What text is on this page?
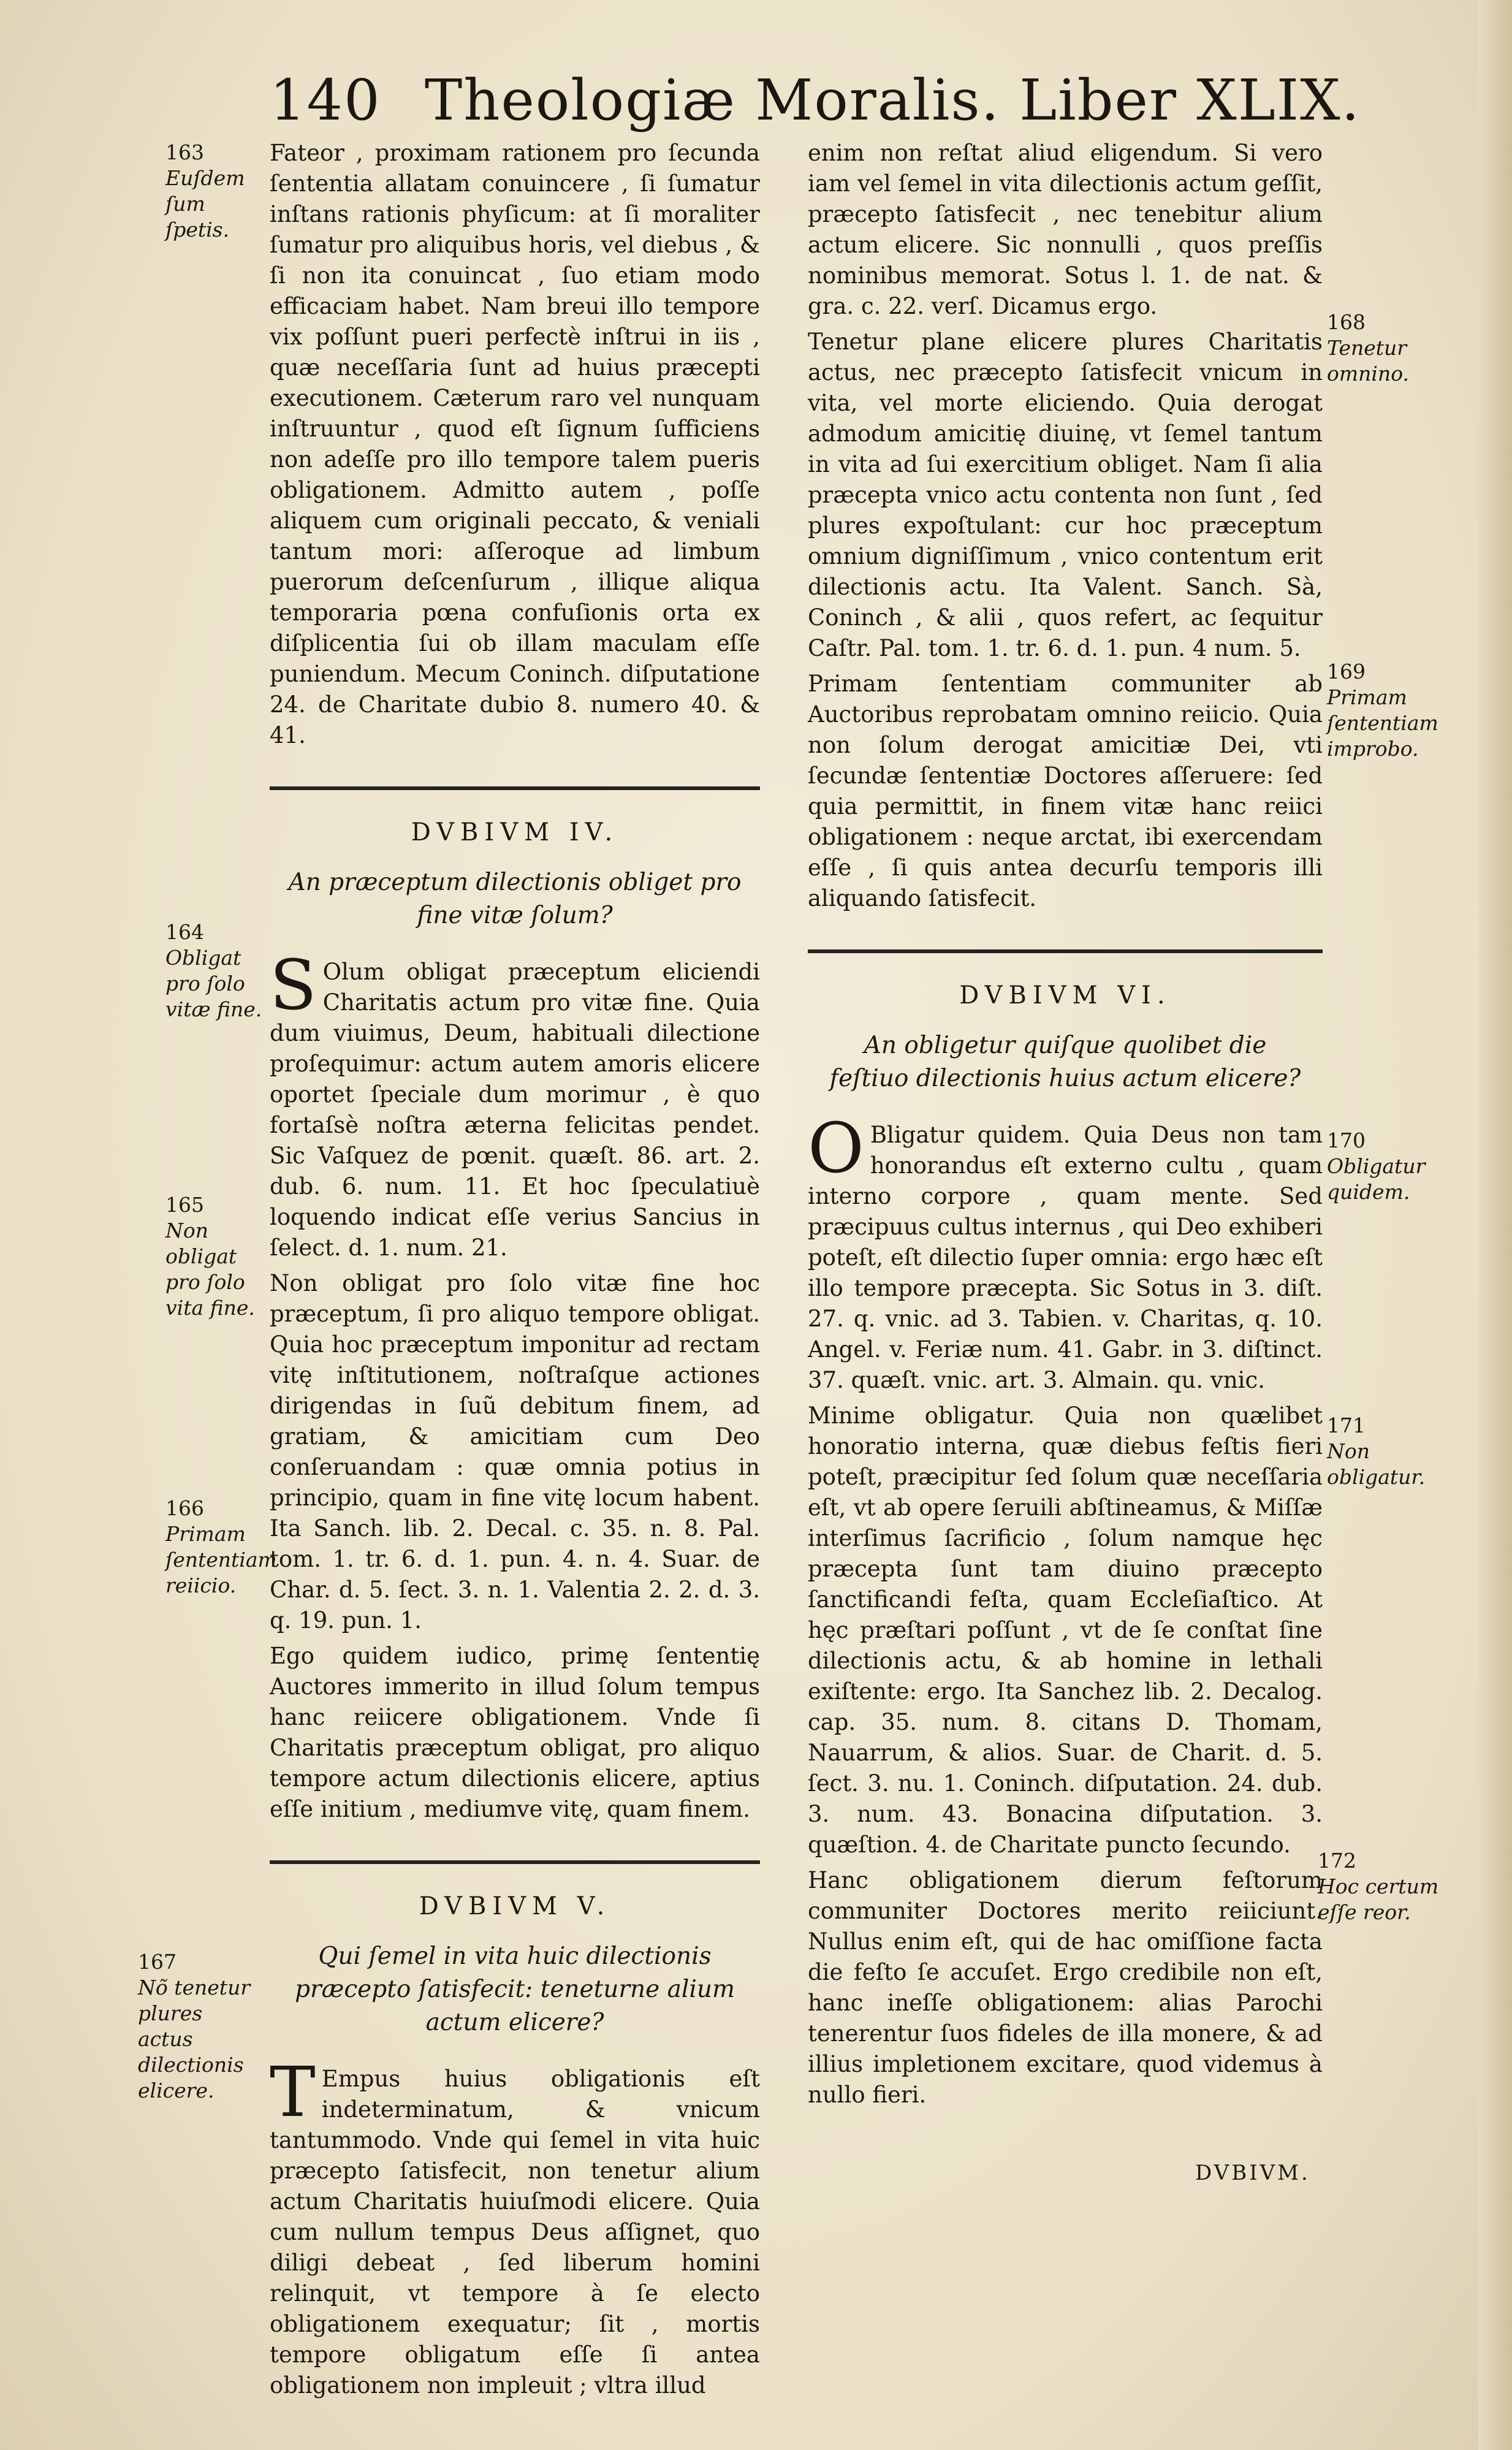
140 Theologiæ Moralis. Liber XLIX.

Fateor , proximam rationem pro ſecunda ſententia allatam conuincere , ſi ſumatur inſtans rationis phyſicum: at ſi moraliter ſumatur pro aliquibus horis, vel diebus , & ſi non ita conuincat , ſuo etiam modo efficaciam habet. Nam breui illo tempore vix poſſunt pueri perfectè inſtrui in iis , quæ neceſſaria ſunt ad huius præcepti executionem. Cæterum raro vel nunquam inſtruuntur , quod eſt ſignum ſufficiens non adeſſe pro illo tempore talem pueris obligationem. Admitto autem , poſſe aliquem cum originali peccato, & veniali tantum mori: aſſeroque ad limbum puerorum deſcenſurum , illique aliqua temporaria pœna confuſionis orta ex diſplicentia ſui ob illam maculam eſſe puniendum. Mecum Coninch. diſputatione 24. de Charitate dubio 8. numero 40. & 41.

DVBIVM IV.
An præceptum dilectionis obliget pro fine vitæ ſolum?

S Olum obligat præceptum eliciendi Charitatis actum pro vitæ fine. Quia dum viuimus, Deum, habituali dilectione proſequimur: actum autem amoris elicere oportet ſpeciale dum morimur , è quo fortaſsè noſtra æterna felicitas pendet. Sic Vaſquez de pœnit. quæſt. 86. art. 2. dub. 6. num. 11. Et hoc ſpeculatiuè loquendo indicat eſſe verius Sancius in ſelect. d. 1. num. 21.

Non obligat pro ſolo vitæ fine hoc præceptum, ſi pro aliquo tempore obligat. Quia hoc præceptum imponitur ad rectam vitę inſtitutionem, noſtraſque actiones dirigendas in ſuũ debitum finem, ad gratiam, & amicitiam cum Deo conſeruandam : quæ omnia potius in principio, quam in fine vitę locum habent. Ita Sanch. lib. 2. Decal. c. 35. n. 8. Pal. tom. 1. tr. 6. d. 1. pun. 4. n. 4. Suar. de Char. d. 5. ſect. 3. n. 1. Valentia 2. 2. d. 3. q. 19. pun. 1.

Ego quidem iudico, primę ſententię Auctores immerito in illud ſolum tempus hanc reiicere obligationem. Vnde ſi Charitatis præceptum obligat, pro aliquo tempore actum dilectionis elicere, aptius eſſe initium , mediumve vitę, quam finem.

DVBIVM V.
Qui ſemel in vita huic dilectionis præcepto ſatisfecit: teneturne alium actum elicere?

T Empus huius obligationis eſt indeterminatum, & vnicum tantummodo. Vnde qui ſemel in vita huic præcepto ſatisfecit, non tenetur alium actum Charitatis huiuſmodi elicere. Quia cum nullum tempus Deus aſſignet, quo diligi debeat , ſed liberum homini relinquit, vt tempore à ſe electo obligationem exequatur; ſit , mortis tempore obligatum eſſe ſi antea obligationem non impleuit ; vltra illud

enim non reſtat aliud eligendum. Si vero iam vel ſemel in vita dilectionis actum geſſit, præcepto ſatisfecit , nec tenebitur alium actum elicere. Sic nonnulli , quos preſſis nominibus memorat. Sotus l. 1. de nat. & gra. c. 22. verſ. Dicamus ergo.

Tenetur plane elicere plures Charitatis actus, nec præcepto ſatisfecit vnicum in vita, vel morte eliciendo. Quia derogat admodum amicitię diuinę, vt ſemel tantum in vita ad ſui exercitium obliget. Nam ſi alia præcepta vnico actu contenta non ſunt , ſed plures expoſtulant: cur hoc præceptum omnium digniſſimum , vnico contentum erit dilectionis actu. Ita Valent. Sanch. Sà, Coninch , & alii , quos refert, ac ſequitur Caſtr. Pal. tom. 1. tr. 6. d. 1. pun. 4 num. 5.

Primam ſententiam communiter ab Auctoribus reprobatam omnino reiicio. Quia non ſolum derogat amicitiæ Dei, vti ſecundæ ſententiæ Doctores aſſeruere: ſed quia permittit, in finem vitæ hanc reiici obligationem : neque arctat, ibi exercendam eſſe , ſi quis antea decurſu temporis illi aliquando ſatisfecit.

DVBIVM VI.
An obligetur quiſque quolibet die feſtiuo dilectionis huius actum elicere?

O Bligatur quidem. Quia Deus non tam honorandus eſt externo cultu , quam interno corpore , quam mente. Sed præcipuus cultus internus , qui Deo exhiberi poteſt, eſt dilectio ſuper omnia: ergo hæc eſt illo tempore præcepta. Sic Sotus in 3. diſt. 27. q. vnic. ad 3. Tabien. v. Charitas, q. 10. Angel. v. Feriæ num. 41. Gabr. in 3. diſtinct. 37. quæſt. vnic. art. 3. Almain. qu. vnic.

Minime obligatur. Quia non quælibet honoratio interna, quæ diebus feſtis fieri poteſt, præcipitur ſed ſolum quæ neceſſaria eſt, vt ab opere ſeruili abſtineamus, & Miſſæ interſimus ſacrificio , ſolum namque hęc præcepta ſunt tam diuino præcepto ſanctificandi feſta, quam Eccleſiaſtico. At hęc præſtari poſſunt , vt de ſe conſtat ſine dilectionis actu, & ab homine in lethali exiſtente: ergo. Ita Sanchez lib. 2. Decalog. cap. 35. num. 8. citans D. Thomam, Nauarrum, & alios. Suar. de Charit. d. 5. ſect. 3. nu. 1. Coninch. diſputation. 24. dub. 3. num. 43. Bonacina diſputation. 3. quæſtion. 4. de Charitate puncto ſecundo.

Hanc obligationem dierum feſtorum communiter Doctores merito reiiciunt. Nullus enim eſt, qui de hac omiſſione facta die feſto ſe accuſet. Ergo credibile non eſt, hanc ineſſe obligationem: alias Parochi tenerentur ſuos fideles de illa monere, & ad illius impletionem excitare, quod videmus à nullo fieri.

DVBIVM.
163
Euſdem ſum ſpetis.
164
Obligat pro ſolo vitæ fine.
165
Non obligat pro ſolo vita fine.
166
Primam ſententiam reiicio.
167
Nõ tenetur plures actus dilectionis elicere.
168
Tenetur omnino.
169
Primam ſententiam improbo.
170
Obligatur quidem.
171
Non obligatur.
172
Hoc certum eſſe reor.
